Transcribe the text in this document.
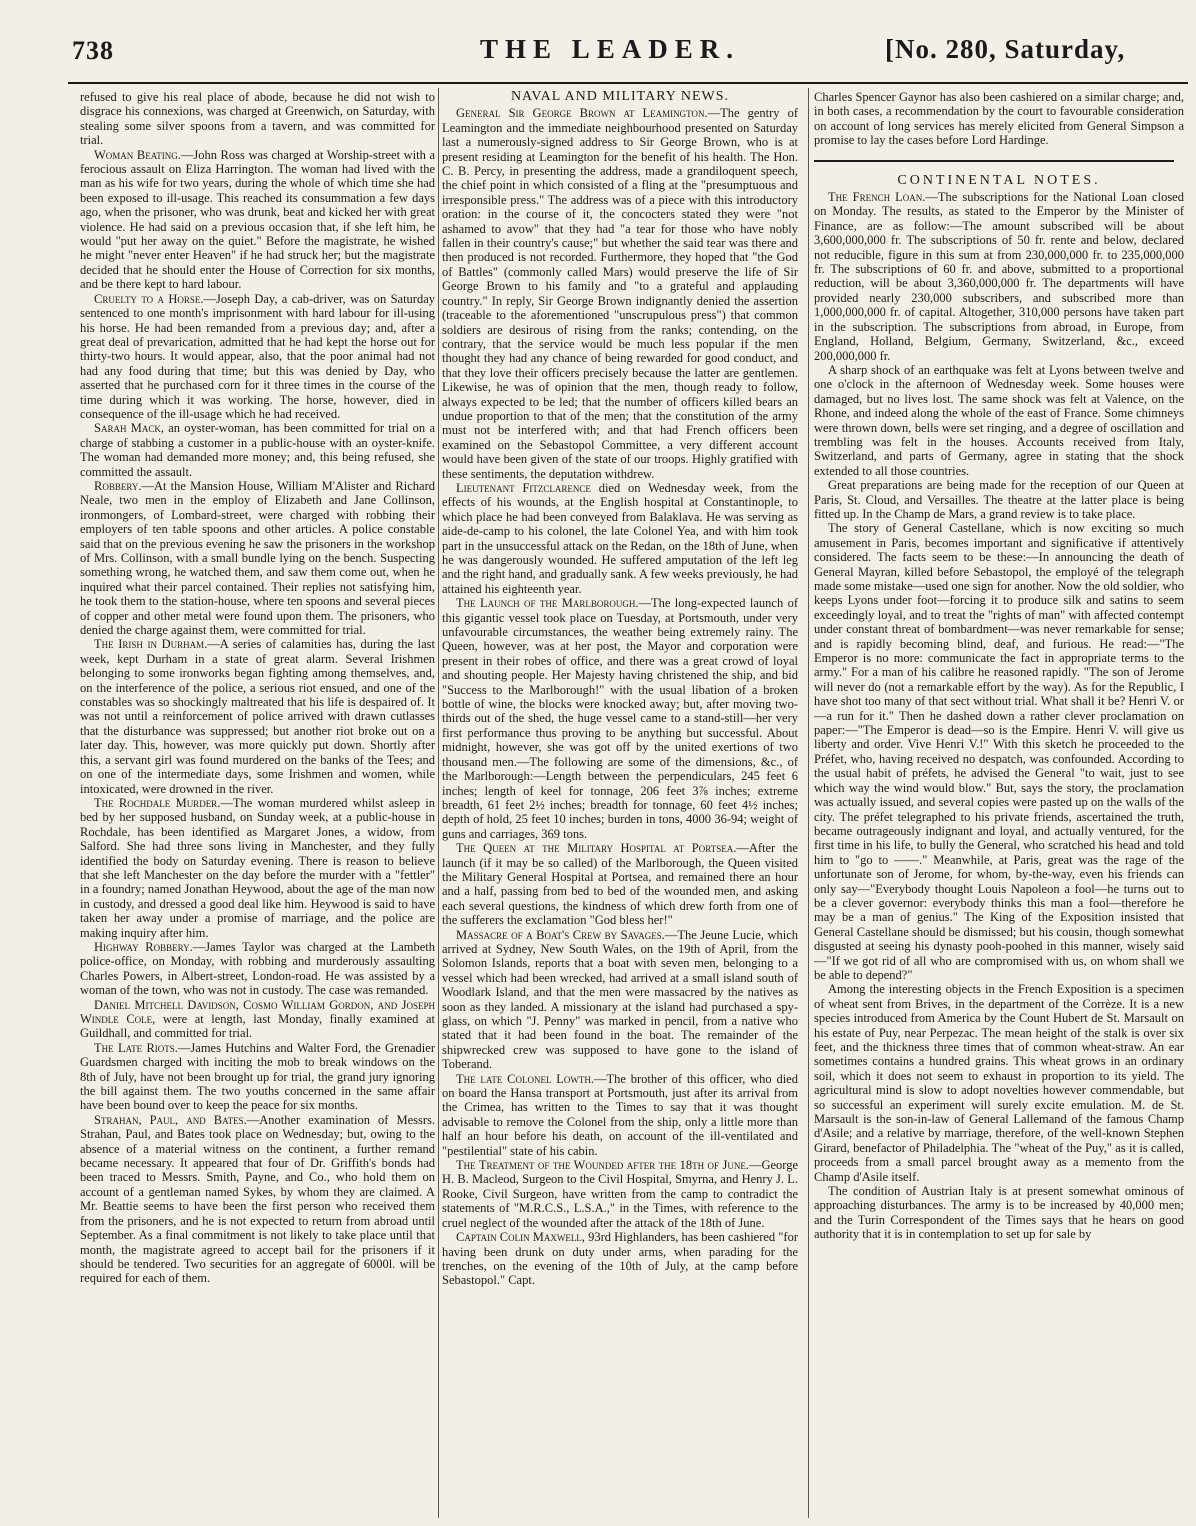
738	THE LEADER.	[No. 280, Saturday,

refused to give his real place of abode, because he did not wish to disgrace his connexions, was charged at Greenwich, on Saturday, with stealing some silver spoons from a tavern, and was committed for trial.

Woman Beating.—John Ross was charged at Worship-street with a ferocious assault on Eliza Harrington. The woman had lived with the man as his wife for two years, during the whole of which time she had been exposed to ill-usage. This reached its consummation a few days ago, when the prisoner, who was drunk, beat and kicked her with great violence. He had said on a previous occasion that, if she left him, he would "put her away on the quiet." Before the magistrate, he wished he might "never enter Heaven" if he had struck her; but the magistrate decided that he should enter the House of Correction for six months, and be there kept to hard labour.

Cruelty to a Horse.—Joseph Day, a cab-driver, was on Saturday sentenced to one month's imprisonment with hard labour for ill-using his horse. He had been remanded from a previous day; and, after a great deal of prevarication, admitted that he had kept the horse out for thirty-two hours. It would appear, also, that the poor animal had not had any food during that time; but this was denied by Day, who asserted that he purchased corn for it three times in the course of the time during which it was working. The horse, however, died in consequence of the ill-usage which he had received.

Sarah Mack, an oyster-woman, has been committed for trial on a charge of stabbing a customer in a public-house with an oyster-knife. The woman had demanded more money; and, this being refused, she committed the assault.

Robbery.—At the Mansion House, William M'Alister and Richard Neale, two men in the employ of Elizabeth and Jane Collinson, ironmongers, of Lombard-street, were charged with robbing their employers of ten table spoons and other articles. A police constable said that on the previous evening he saw the prisoners in the workshop of Mrs. Collinson, with a small bundle lying on the bench. Suspecting something wrong, he watched them, and saw them come out, when he inquired what their parcel contained. Their replies not satisfying him, he took them to the station-house, where ten spoons and several pieces of copper and other metal were found upon them. The prisoners, who denied the charge against them, were committed for trial.

The Irish in Durham.—A series of calamities has, during the last week, kept Durham in a state of great alarm. Several Irishmen belonging to some ironworks began fighting among themselves, and, on the interference of the police, a serious riot ensued, and one of the constables was so shockingly maltreated that his life is despaired of. It was not until a reinforcement of police arrived with drawn cutlasses that the disturbance was suppressed; but another riot broke out on a later day. This, however, was more quickly put down. Shortly after this, a servant girl was found murdered on the banks of the Tees; and on one of the intermediate days, some Irishmen and women, while intoxicated, were drowned in the river.

The Rochdale Murder.—The woman murdered whilst asleep in bed by her supposed husband, on Sunday week, at a public-house in Rochdale, has been identified as Margaret Jones, a widow, from Salford. She had three sons living in Manchester, and they fully identified the body on Saturday evening. There is reason to believe that she left Manchester on the day before the murder with a "fettler" in a foundry; named Jonathan Heywood, about the age of the man now in custody, and dressed a good deal like him. Heywood is said to have taken her away under a promise of marriage, and the police are making inquiry after him.

Highway Robbery.—James Taylor was charged at the Lambeth police-office, on Monday, with robbing and murderously assaulting Charles Powers, in Albert-street, London-road. He was assisted by a woman of the town, who was not in custody. The case was remanded.

Daniel Mitchell Davidson, Cosmo William Gordon, and Joseph Windle Cole, were at length, last Monday, finally examined at Guildhall, and committed for trial.

The Late Riots.—James Hutchins and Walter Ford, the Grenadier Guardsmen charged with inciting the mob to break windows on the 8th of July, have not been brought up for trial, the grand jury ignoring the bill against them. The two youths concerned in the same affair have been bound over to keep the peace for six months.

Strahan, Paul, and Bates.—Another examination of Messrs. Strahan, Paul, and Bates took place on Wednesday; but, owing to the absence of a material witness on the continent, a further remand became necessary. It appeared that four of Dr. Griffith's bonds had been traced to Messrs. Smith, Payne, and Co., who hold them on account of a gentleman named Sykes, by whom they are claimed. A Mr. Beattie seems to have been the first person who received them from the prisoners, and he is not expected to return from abroad until September. As a final commitment is not likely to take place until that month, the magistrate agreed to accept bail for the prisoners if it should be tendered. Two securities for an aggregate of 6000l. will be required for each of them.

NAVAL AND MILITARY NEWS.

General Sir George Brown at Leamington.—The gentry of Leamington and the immediate neighbourhood presented on Saturday last a numerously-signed address to Sir George Brown, who is at present residing at Leamington for the benefit of his health. The Hon. C. B. Percy, in presenting the address, made a grandiloquent speech, the chief point in which consisted of a fling at the "presumptuous and irresponsible press." The address was of a piece with this introductory oration: in the course of it, the concocters stated they were "not ashamed to avow" that they had "a tear for those who have nobly fallen in their country's cause;" but whether the said tear was there and then produced is not recorded. Furthermore, they hoped that "the God of Battles" (commonly called Mars) would preserve the life of Sir George Brown to his family and "to a grateful and applauding country." In reply, Sir George Brown indignantly denied the assertion (traceable to the aforementioned "unscrupulous press") that common soldiers are desirous of rising from the ranks; contending, on the contrary, that the service would be much less popular if the men thought they had any chance of being rewarded for good conduct, and that they love their officers precisely because the latter are gentlemen. Likewise, he was of opinion that the men, though ready to follow, always expected to be led; that the number of officers killed bears an undue proportion to that of the men; that the constitution of the army must not be interfered with; and that had French officers been examined on the Sebastopol Committee, a very different account would have been given of the state of our troops. Highly gratified with these sentiments, the deputation withdrew.

Lieutenant Fitzclarence died on Wednesday week, from the effects of his wounds, at the English hospital at Constantinople, to which place he had been conveyed from Balaklava. He was serving as aide-de-camp to his colonel, the late Colonel Yea, and with him took part in the unsuccessful attack on the Redan, on the 18th of June, when he was dangerously wounded. He suffered amputation of the left leg and the right hand, and gradually sank. A few weeks previously, he had attained his eighteenth year.

The Launch of the Marlborough.—The long-expected launch of this gigantic vessel took place on Tuesday, at Portsmouth, under very unfavourable circumstances, the weather being extremely rainy. The Queen, however, was at her post, the Mayor and corporation were present in their robes of office, and there was a great crowd of loyal and shouting people. Her Majesty having christened the ship, and bid "Success to the Marlborough!" with the usual libation of a broken bottle of wine, the blocks were knocked away; but, after moving two-thirds out of the shed, the huge vessel came to a stand-still—her very first performance thus proving to be anything but successful. About midnight, however, she was got off by the united exertions of two thousand men.—The following are some of the dimensions, &c., of the Marlborough:—Length between the perpendiculars, 245 feet 6 inches; length of keel for tonnage, 206 feet 3⅞ inches; extreme breadth, 61 feet 2½ inches; breadth for tonnage, 60 feet 4½ inches; depth of hold, 25 feet 10 inches; burden in tons, 4000 36-94; weight of guns and carriages, 369 tons.

The Queen at the Military Hospital at Portsea.—After the launch (if it may be so called) of the Marlborough, the Queen visited the Military General Hospital at Portsea, and remained there an hour and a half, passing from bed to bed of the wounded men, and asking each several questions, the kindness of which drew forth from one of the sufferers the exclamation "God bless her!"

Massacre of a Boat's Crew by Savages.—The Jeune Lucie, which arrived at Sydney, New South Wales, on the 19th of April, from the Solomon Islands, reports that a boat with seven men, belonging to a vessel which had been wrecked, had arrived at a small island south of Woodlark Island, and that the men were massacred by the natives as soon as they landed. A missionary at the island had purchased a spy-glass, on which "J. Penny" was marked in pencil, from a native who stated that it had been found in the boat. The remainder of the shipwrecked crew was supposed to have gone to the island of Toberand.

The late Colonel Lowth.—The brother of this officer, who died on board the Hansa transport at Portsmouth, just after its arrival from the Crimea, has written to the Times to say that it was thought advisable to remove the Colonel from the ship, only a little more than half an hour before his death, on account of the ill-ventilated and "pestilential" state of his cabin.

The Treatment of the Wounded after the 18th of June.—George H. B. Macleod, Surgeon to the Civil Hospital, Smyrna, and Henry J. L. Rooke, Civil Surgeon, have written from the camp to contradict the statements of "M.R.C.S., L.S.A.," in the Times, with reference to the cruel neglect of the wounded after the attack of the 18th of June.

Captain Colin Maxwell, 93rd Highlanders, has been cashiered "for having been drunk on duty under arms, when parading for the trenches, on the evening of the 10th of July, at the camp before Sebastopol." Capt.

Charles Spencer Gaynor has also been cashiered on a similar charge; and, in both cases, a recommendation by the court to favourable consideration on account of long services has merely elicited from General Simpson a promise to lay the cases before Lord Hardinge.

CONTINENTAL NOTES.

The French Loan.—The subscriptions for the National Loan closed on Monday. The results, as stated to the Emperor by the Minister of Finance, are as follow:—The amount subscribed will be about 3,600,000,000 fr. The subscriptions of 50 fr. rente and below, declared not reducible, figure in this sum at from 230,000,000 fr. to 235,000,000 fr. The subscriptions of 60 fr. and above, submitted to a proportional reduction, will be about 3,360,000,000 fr. The departments will have provided nearly 230,000 subscribers, and subscribed more than 1,000,000,000 fr. of capital. Altogether, 310,000 persons have taken part in the subscription. The subscriptions from abroad, in Europe, from England, Holland, Belgium, Germany, Switzerland, &c., exceed 200,000,000 fr.

A sharp shock of an earthquake was felt at Lyons between twelve and one o'clock in the afternoon of Wednesday week. Some houses were damaged, but no lives lost. The same shock was felt at Valence, on the Rhone, and indeed along the whole of the east of France. Some chimneys were thrown down, bells were set ringing, and a degree of oscillation and trembling was felt in the houses. Accounts received from Italy, Switzerland, and parts of Germany, agree in stating that the shock extended to all those countries.

Great preparations are being made for the reception of our Queen at Paris, St. Cloud, and Versailles. The theatre at the latter place is being fitted up. In the Champ de Mars, a grand review is to take place.

The story of General Castellane, which is now exciting so much amusement in Paris, becomes important and significative if attentively considered. The facts seem to be these:—In announcing the death of General Mayran, killed before Sebastopol, the employé of the telegraph made some mistake—used one sign for another. Now the old soldier, who keeps Lyons under foot—forcing it to produce silk and satins to seem exceedingly loyal, and to treat the "rights of man" with affected contempt under constant threat of bombardment—was never remarkable for sense; and is rapidly becoming blind, deaf, and furious. He read:—"The Emperor is no more: communicate the fact in appropriate terms to the army." For a man of his calibre he reasoned rapidly. "The son of Jerome will never do (not a remarkable effort by the way). As for the Republic, I have shot too many of that sect without trial. What shall it be? Henri V. or—a run for it." Then he dashed down a rather clever proclamation on paper:—"The Emperor is dead—so is the Empire. Henri V. will give us liberty and order. Vive Henri V.!" With this sketch he proceeded to the Préfet, who, having received no despatch, was confounded. According to the usual habit of préfets, he advised the General "to wait, just to see which way the wind would blow." But, says the story, the proclamation was actually issued, and several copies were pasted up on the walls of the city. The préfet telegraphed to his private friends, ascertained the truth, became outrageously indignant and loyal, and actually ventured, for the first time in his life, to bully the General, who scratched his head and told him to "go to ——." Meanwhile, at Paris, great was the rage of the unfortunate son of Jerome, for whom, by-the-way, even his friends can only say—"Everybody thought Louis Napoleon a fool—he turns out to be a clever governor: everybody thinks this man a fool—therefore he may be a man of genius." The King of the Exposition insisted that General Castellane should be dismissed; but his cousin, though somewhat disgusted at seeing his dynasty pooh-poohed in this manner, wisely said—"If we got rid of all who are compromised with us, on whom shall we be able to depend?"

Among the interesting objects in the French Exposition is a specimen of wheat sent from Brives, in the department of the Corrèze. It is a new species introduced from America by the Count Hubert de St. Marsault on his estate of Puy, near Perpezac. The mean height of the stalk is over six feet, and the thickness three times that of common wheat-straw. An ear sometimes contains a hundred grains. This wheat grows in an ordinary soil, which it does not seem to exhaust in proportion to its yield. The agricultural mind is slow to adopt novelties however commendable, but so successful an experiment will surely excite emulation. M. de St. Marsault is the son-in-law of General Lallemand of the famous Champ d'Asile; and a relative by marriage, therefore, of the well-known Stephen Girard, benefactor of Philadelphia. The "wheat of the Puy," as it is called, proceeds from a small parcel brought away as a memento from the Champ d'Asile itself.

The condition of Austrian Italy is at present somewhat ominous of approaching disturbances. The army is to be increased by 40,000 men; and the Turin Correspondent of the Times says that he hears on good authority that it is in contemplation to set up for sale by
